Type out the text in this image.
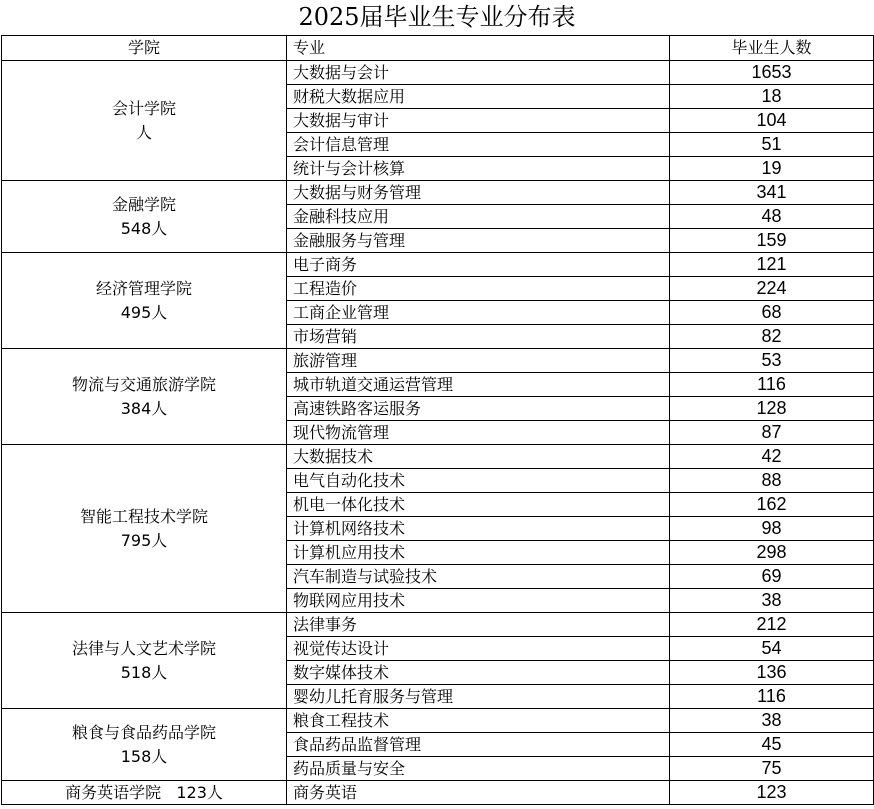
2025届毕业生专业分布表
学院	专业	毕业生人数

会计学院
人	大数据与会计	1653
	财税大数据应用	18
	大数据与审计	104
	会计信息管理	51
	统计与会计核算	19

金融学院
548人	大数据与财务管理	341
	金融科技应用	48
	金融服务与管理	159

经济管理学院
495人	电子商务	121
	工程造价	224
	工商企业管理	68
	市场营销	82

物流与交通旅游学院
384人	旅游管理	53
	城市轨道交通运营管理	116
	高速铁路客运服务	128
	现代物流管理	87

智能工程技术学院
795人	大数据技术	42
	电气自动化技术	88
	机电一体化技术	162
	计算机网络技术	98
	计算机应用技术	298
	汽车制造与试验技术	69
	物联网应用技术	38

法律与人文艺术学院
518人	法律事务	212
	视觉传达设计	54
	数字媒体技术	136
	婴幼儿托育服务与管理	116

粮食与食品药品学院
158人	粮食工程技术	38
	食品药品监督管理	45
	药品质量与安全	75
商务英语学院 123人	商务英语	123
